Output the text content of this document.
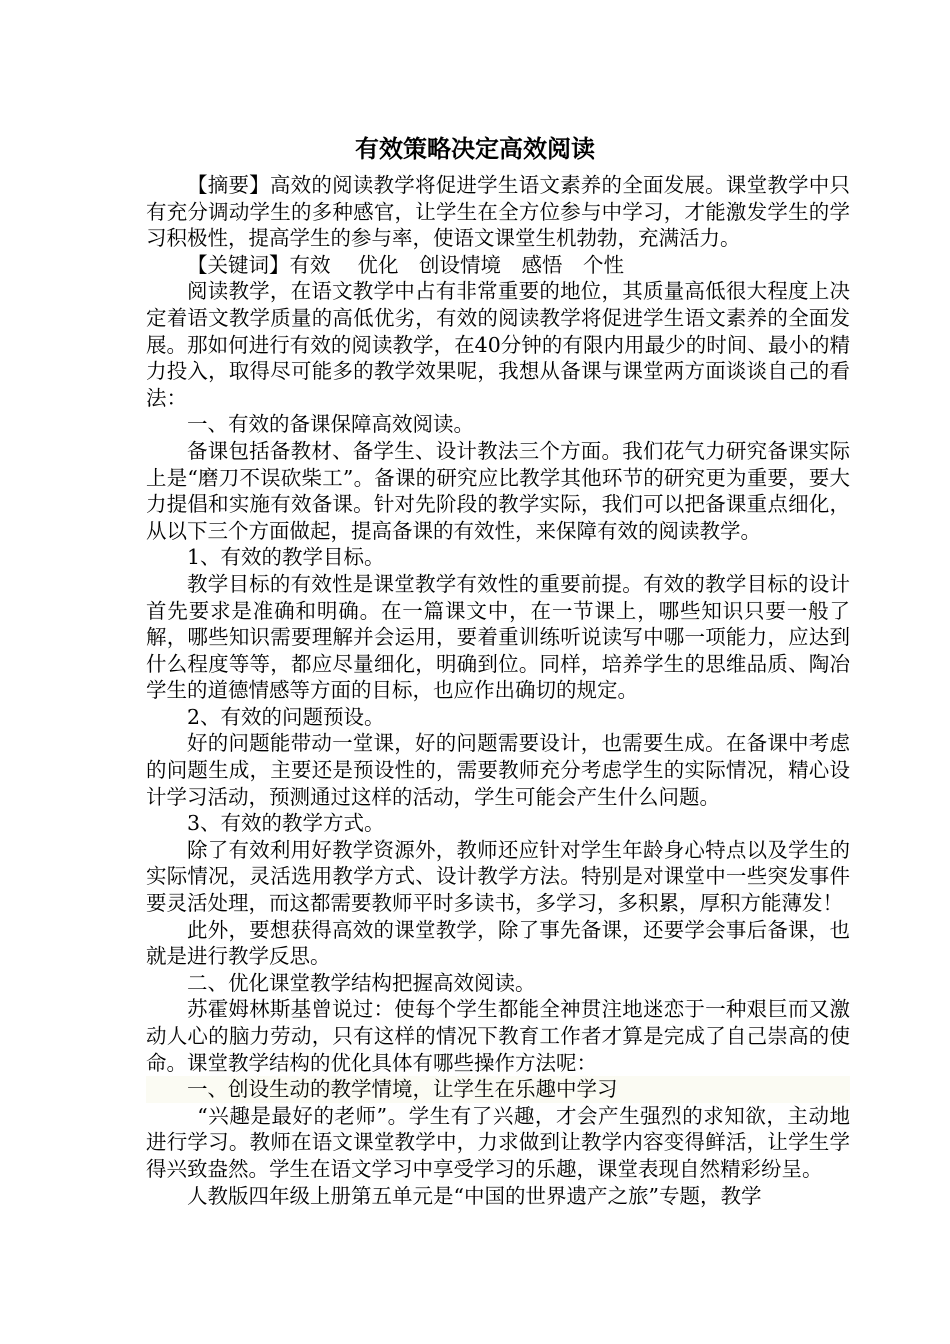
有效策略决定高效阅读

【摘要】高效的阅读教学将促进学生语文素养的全面发展。课堂教学中只有充分调动学生的多种感官，让学生在全方位参与中学习，才能激发学生的学习积极性，提高学生的参与率，使语文课堂生机勃勃，充满活力。

【关键词】有效　 优化　创设情境　感悟　个性

阅读教学，在语文教学中占有非常重要的地位，其质量高低很大程度上决定着语文教学质量的高低优劣，有效的阅读教学将促进学生语文素养的全面发展。那如何进行有效的阅读教学，在40分钟的有限内用最少的时间、最小的精力投入，取得尽可能多的教学效果呢，我想从备课与课堂两方面谈谈自己的看法：

一、有效的备课保障高效阅读。

备课包括备教材、备学生、设计教法三个方面。我们花气力研究备课实际上是“磨刀不误砍柴工”。备课的研究应比教学其他环节的研究更为重要，要大力提倡和实施有效备课。针对先阶段的教学实际，我们可以把备课重点细化，从以下三个方面做起，提高备课的有效性，来保障有效的阅读教学。

1、有效的教学目标。

教学目标的有效性是课堂教学有效性的重要前提。有效的教学目标的设计首先要求是准确和明确。在一篇课文中，在一节课上，哪些知识只要一般了解，哪些知识需要理解并会运用，要着重训练听说读写中哪一项能力，应达到什么程度等等，都应尽量细化，明确到位。同样，培养学生的思维品质、陶冶学生的道德情感等方面的目标，也应作出确切的规定。

2、有效的问题预设。

好的问题能带动一堂课，好的问题需要设计，也需要生成。在备课中考虑的问题生成，主要还是预设性的，需要教师充分考虑学生的实际情况，精心设计学习活动，预测通过这样的活动，学生可能会产生什么问题。

3、有效的教学方式。

除了有效利用好教学资源外，教师还应针对学生年龄身心特点以及学生的实际情况，灵活选用教学方式、设计教学方法。特别是对课堂中一些突发事件要灵活处理，而这都需要教师平时多读书，多学习，多积累，厚积方能薄发！

此外，要想获得高效的课堂教学，除了事先备课，还要学会事后备课，也就是进行教学反思。

二、优化课堂教学结构把握高效阅读。

苏霍姆林斯基曾说过：使每个学生都能全神贯注地迷恋于一种艰巨而又激动人心的脑力劳动，只有这样的情况下教育工作者才算是完成了自己崇高的使命。课堂教学结构的优化具体有哪些操作方法呢：

一、创设生动的教学情境，让学生在乐趣中学习

“兴趣是最好的老师”。学生有了兴趣，才会产生强烈的求知欲，主动地进行学习。教师在语文课堂教学中，力求做到让教学内容变得鲜活，让学生学得兴致盎然。学生在语文学习中享受学习的乐趣，课堂表现自然精彩纷呈。

人教版四年级上册第五单元是“中国的世界遗产之旅”专题，教学
